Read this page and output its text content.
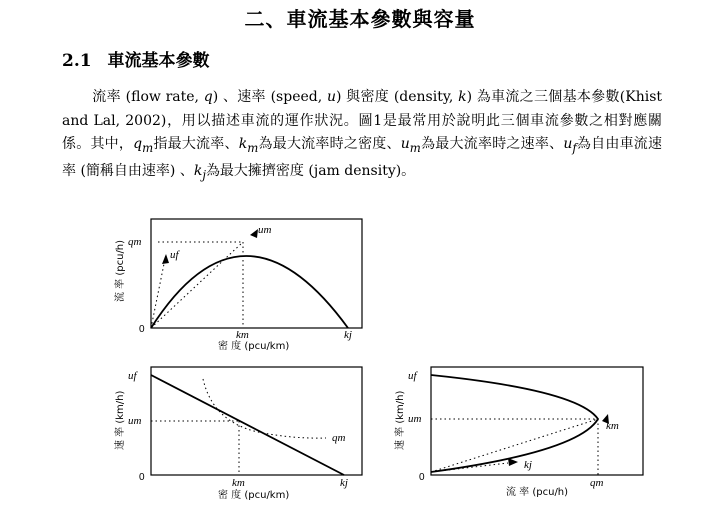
二、車流基本參數與容量
2.1 車流基本參數
流率 (flow rate, q) 、速率 (speed, u) 與密度 (density, k) 為車流之三個基本參數(Khist and Lal, 2002)，用以描述車流的運作狀況。圖1是最常用於說明此三個車流參數之相對應關係。其中，$q_m$指最大流率、$k_m$為最大流率時之密度、$u_m$為最大流率時之速率、$u_f$為自由車流速率 (簡稱自由速率) 、$k_j$為最大擁擠密度 (jam density)。
um
uf
qm
0	km	kj
密 度 (pcu/km)
流 率 (pcu/h)
uf
um
qm
0	km	kj
密 度 (pcu/km)
速 率 (km/h)	km
kj
uf
um
0	qm
流 率 (pcu/h)
速 率 (km/h)
